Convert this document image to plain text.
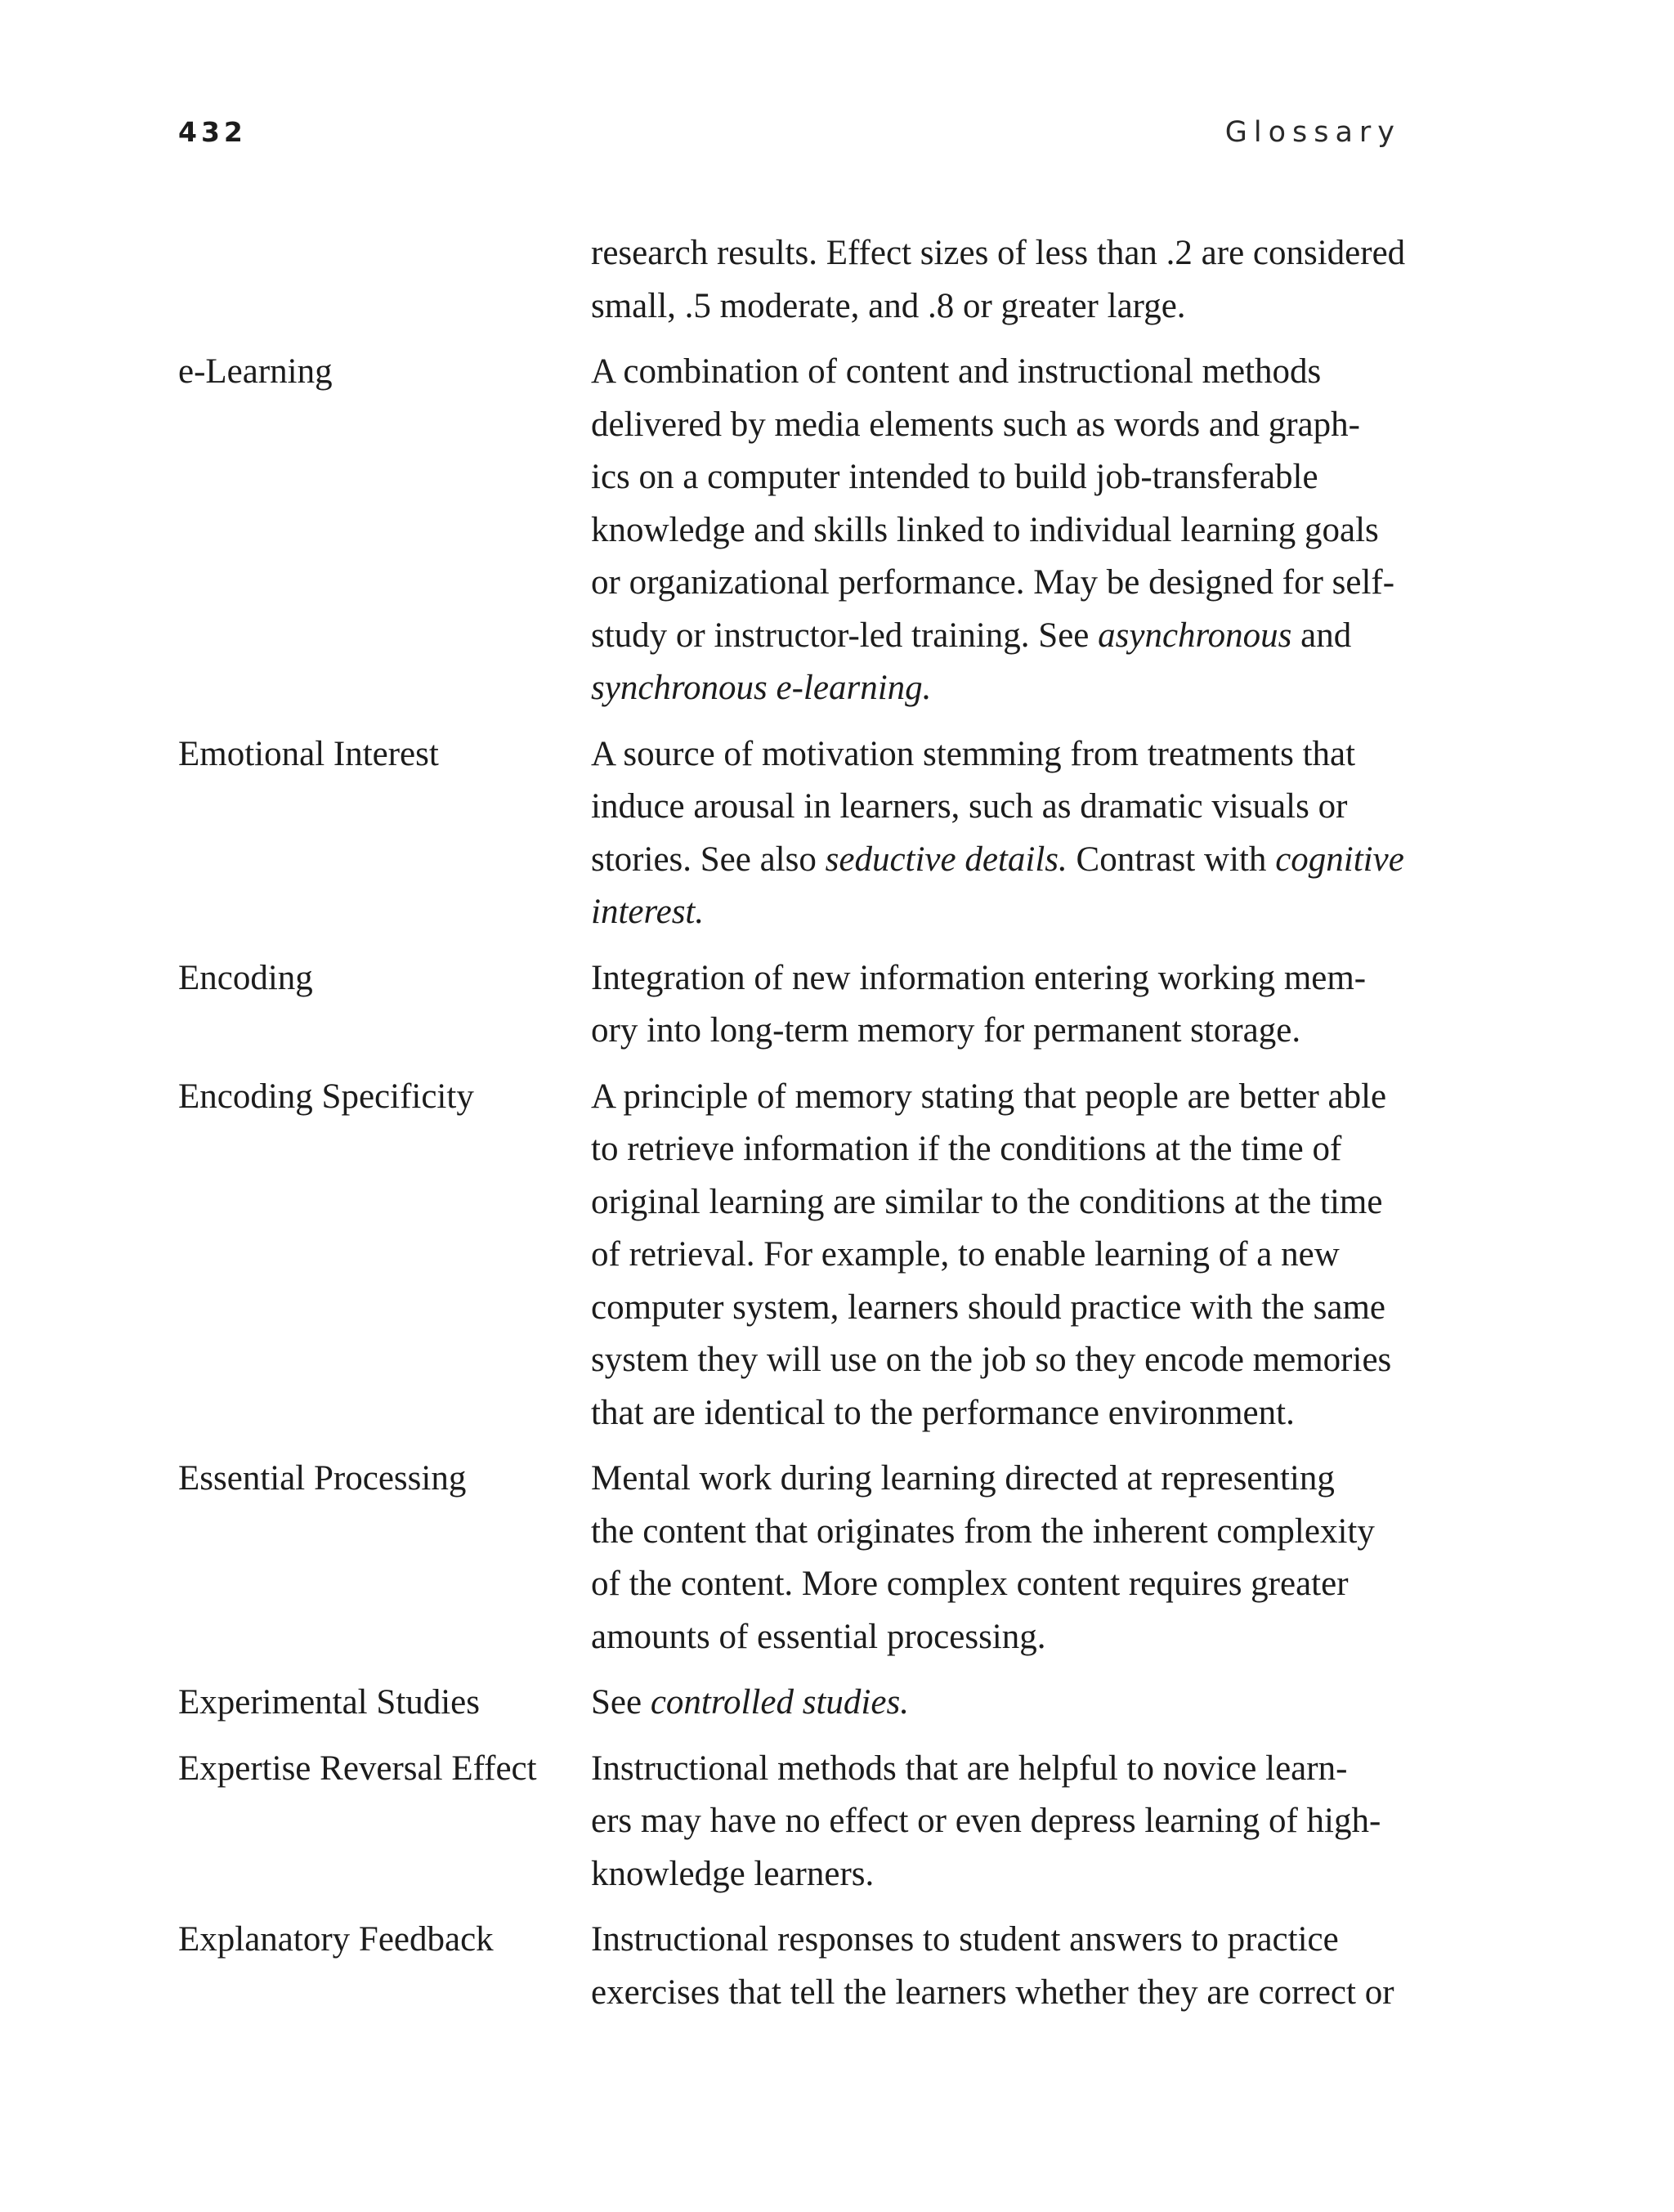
432	Glossary
research results. Effect sizes of less than .2 are considered
small, .5 moderate, and .8 or greater large.
e-Learning	A combination of content and instructional methods
delivered by media elements such as words and graph-
ics on a computer intended to build job-transferable
knowledge and skills linked to individual learning goals
or organizational performance. May be designed for self-
study or instructor-led training. See asynchronous and
synchronous e-learning.
Emotional Interest	A source of motivation stemming from treatments that
induce arousal in learners, such as dramatic visuals or
stories. See also seductive details. Contrast with cognitive
interest.
Encoding	Integration of new information entering working mem-
ory into long-term memory for permanent storage.
Encoding Specificity	A principle of memory stating that people are better able
to retrieve information if the conditions at the time of
original learning are similar to the conditions at the time
of retrieval. For example, to enable learning of a new
computer system, learners should practice with the same
system they will use on the job so they encode memories
that are identical to the performance environment.
Essential Processing	Mental work during learning directed at representing
the content that originates from the inherent complexity
of the content. More complex content requires greater
amounts of essential processing.
Experimental Studies	See controlled studies.
Expertise Reversal Effect	Instructional methods that are helpful to novice learn-
ers may have no effect or even depress learning of high-
knowledge learners.
Explanatory Feedback	Instructional responses to student answers to practice
exercises that tell the learners whether they are correct or
